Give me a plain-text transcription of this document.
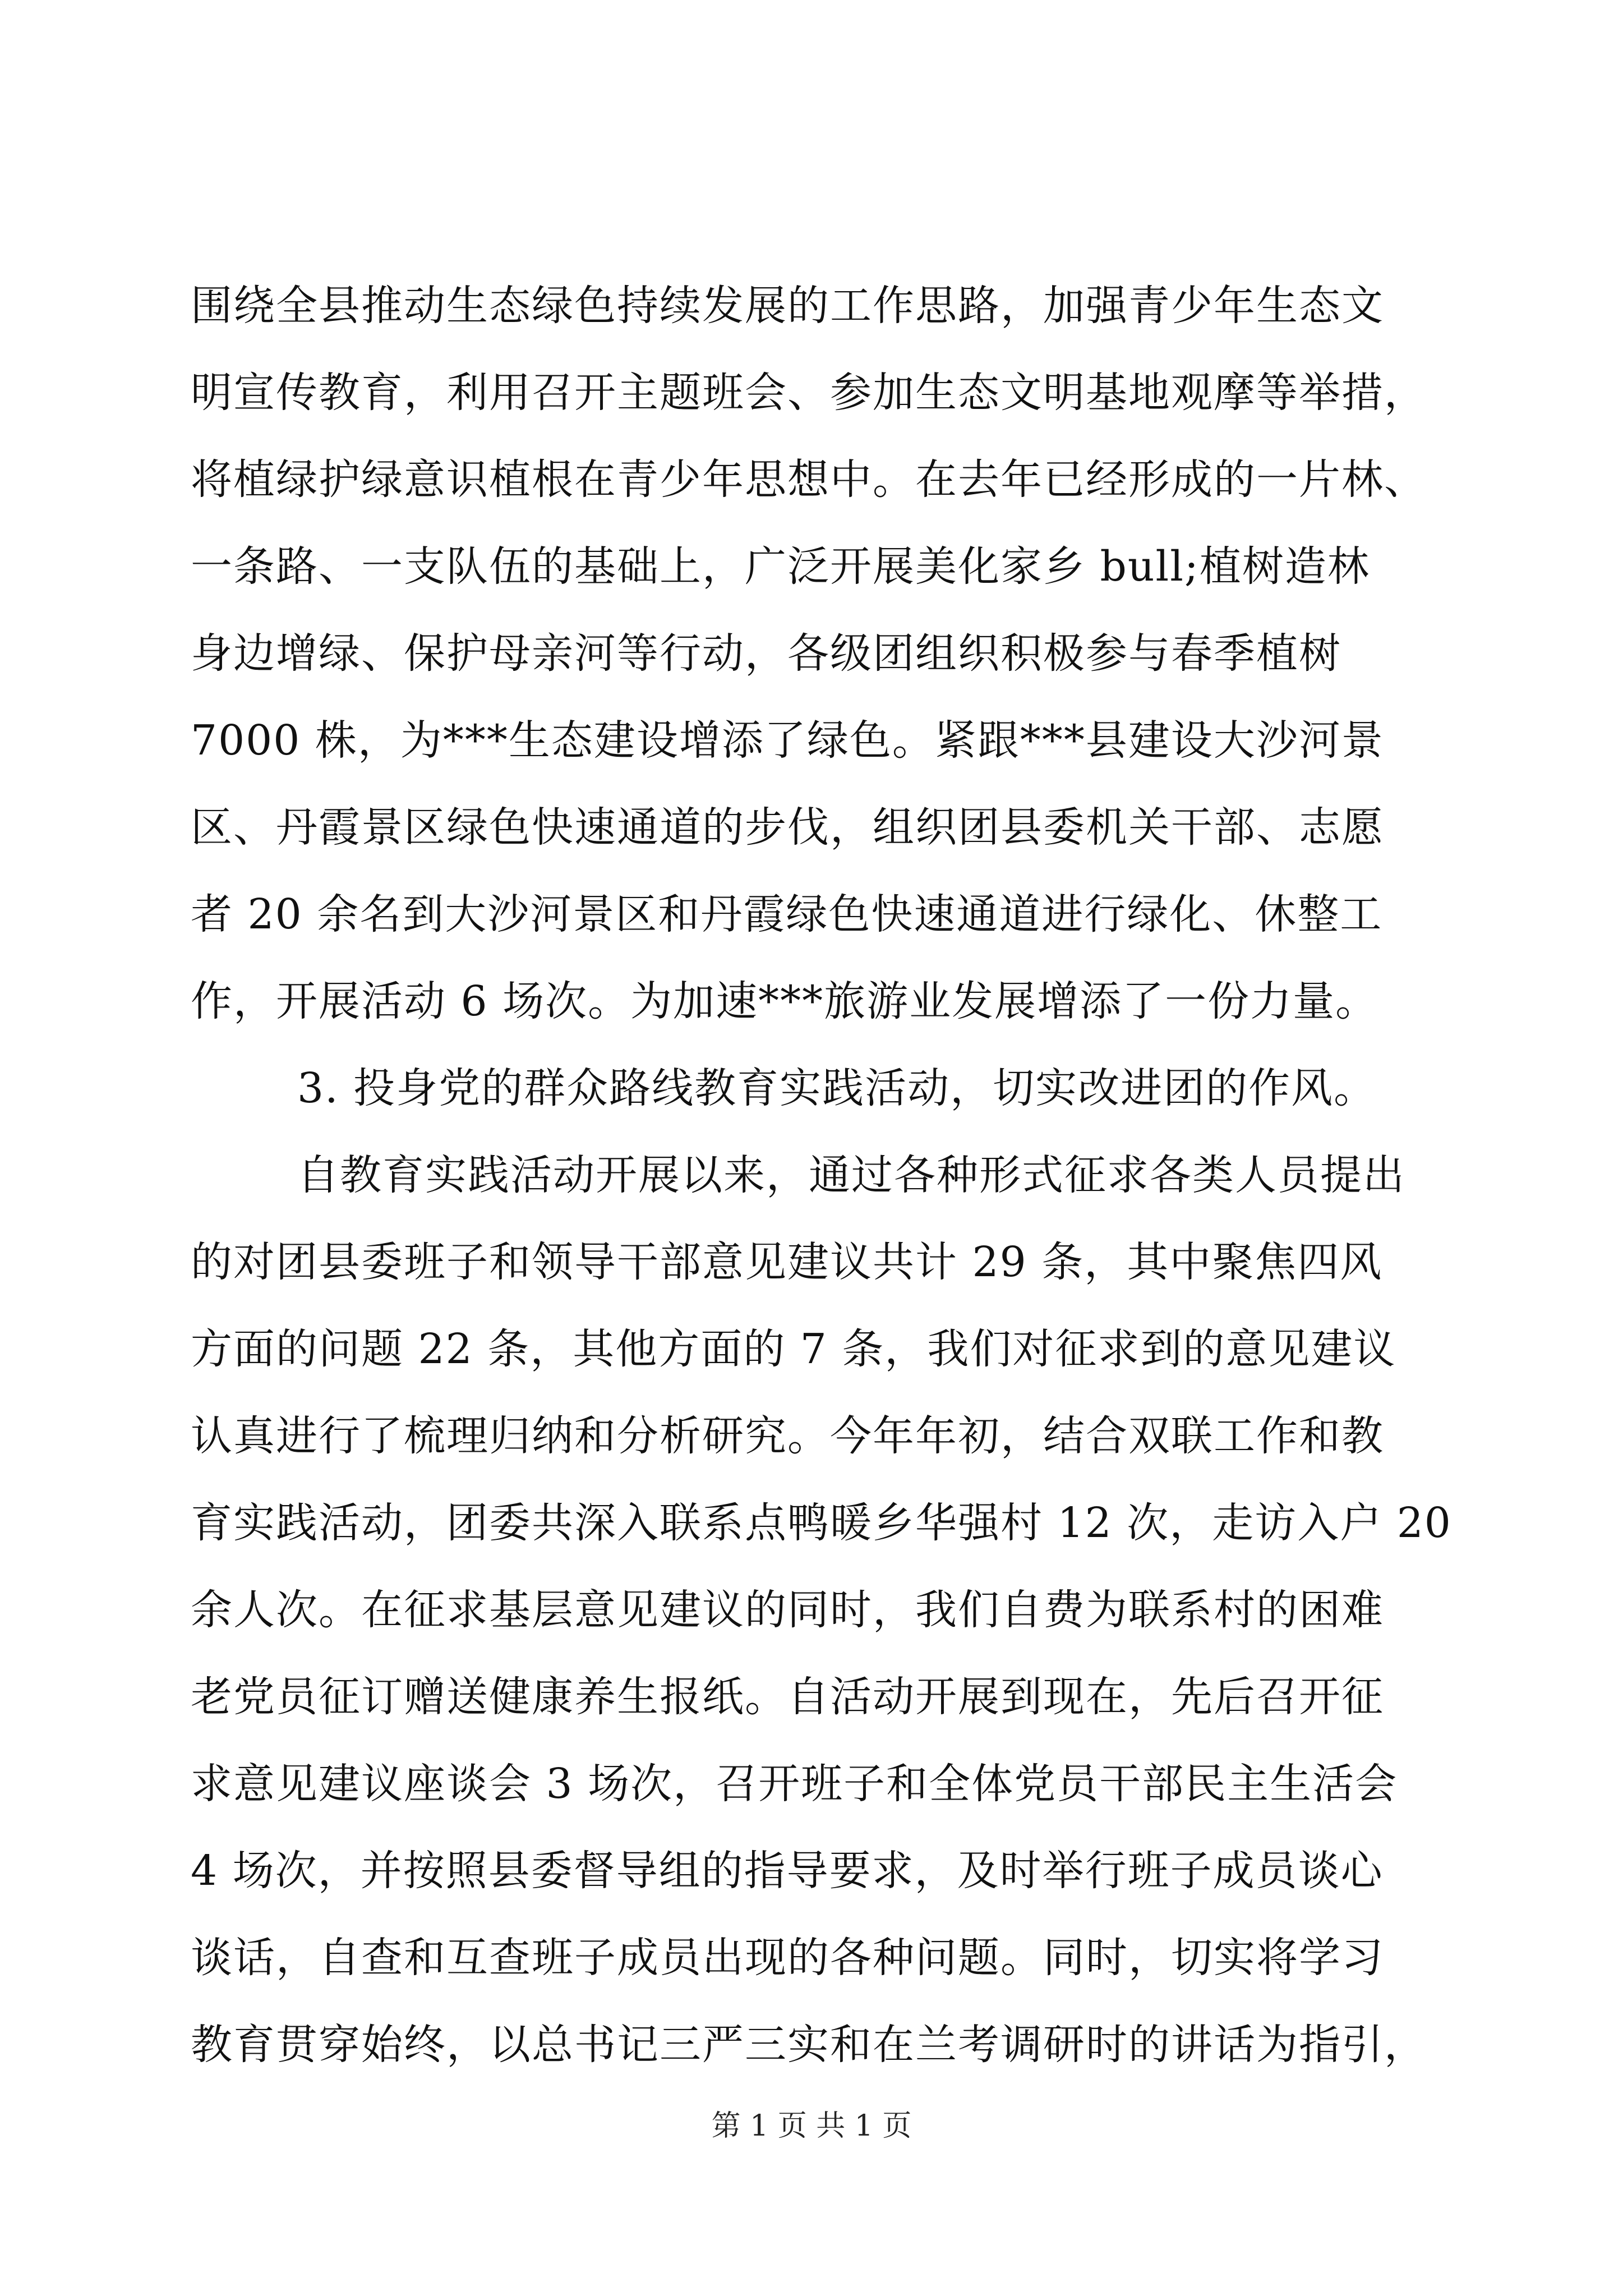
围绕全县推动生态绿色持续发展的工作思路，加强青少年生态文
明宣传教育，利用召开主题班会、参加生态文明基地观摩等举措，
将植绿护绿意识植根在青少年思想中。在去年已经形成的一片林、
一条路、一支队伍的基础上，广泛开展美化家乡 bull;植树造林
身边增绿、保护母亲河等行动，各级团组织积极参与春季植树
7000 株，为***生态建设增添了绿色。紧跟***县建设大沙河景
区、丹霞景区绿色快速通道的步伐，组织团县委机关干部、志愿
者 20 余名到大沙河景区和丹霞绿色快速通道进行绿化、休整工
作，开展活动 6 场次。为加速***旅游业发展增添了一份力量。
3. 投身党的群众路线教育实践活动，切实改进团的作风。
自教育实践活动开展以来，通过各种形式征求各类人员提出
的对团县委班子和领导干部意见建议共计 29 条，其中聚焦四风
方面的问题 22 条，其他方面的 7 条，我们对征求到的意见建议
认真进行了梳理归纳和分析研究。今年年初，结合双联工作和教
育实践活动，团委共深入联系点鸭暖乡华强村 12 次，走访入户 20
余人次。在征求基层意见建议的同时，我们自费为联系村的困难
老党员征订赠送健康养生报纸。自活动开展到现在，先后召开征
求意见建议座谈会 3 场次，召开班子和全体党员干部民主生活会
4 场次，并按照县委督导组的指导要求，及时举行班子成员谈心
谈话，自查和互查班子成员出现的各种问题。同时，切实将学习
教育贯穿始终，以总书记三严三实和在兰考调研时的讲话为指引，
第 1 页 共 1 页
